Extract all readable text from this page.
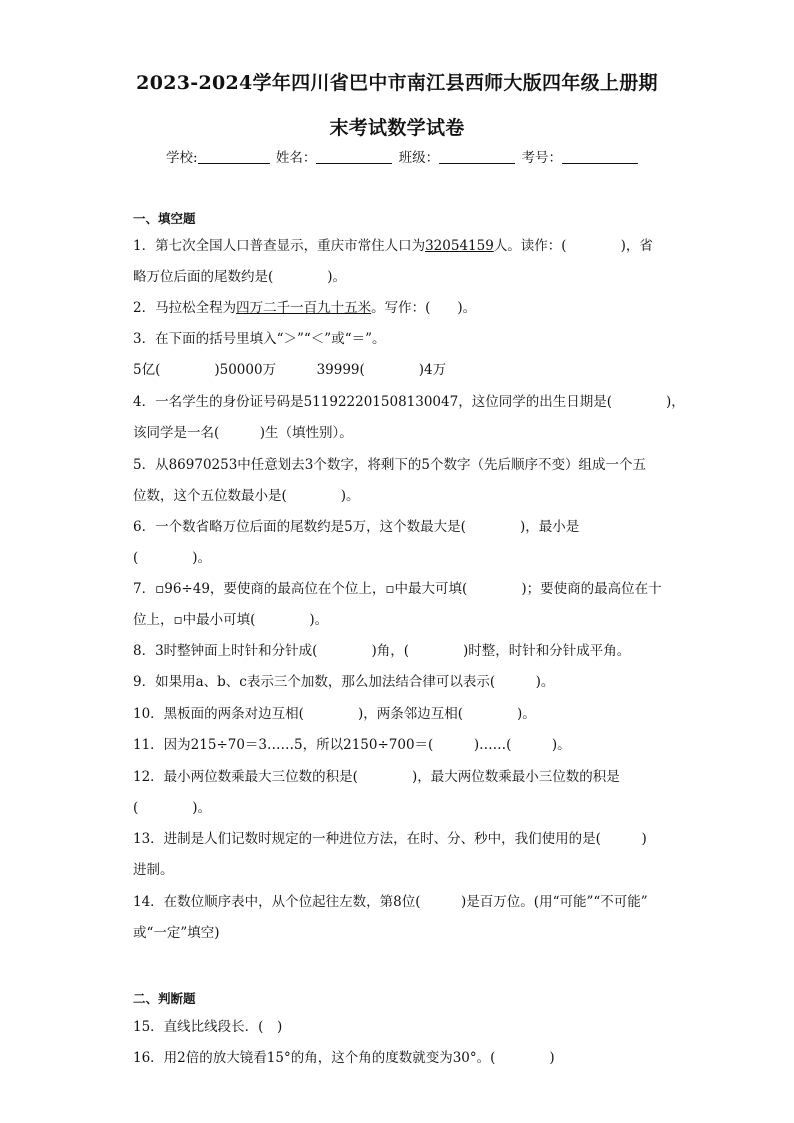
2023-2024学年四川省巴中市南江县西师大版四年级上册期
末考试数学试卷
学校:	姓名：	班级：	考号：
一、填空题
1．第七次全国人口普查显示，重庆市常住人口为32054159人。读作：(　　　　)，省
略万位后面的尾数约是(　　　　)。
2．马拉松全程为四万二千一百九十五米。写作：(　　)。
3．在下面的括号里填入“＞”“＜”或“＝”。
5亿(　　　　)50000万　　　39999(　　　　)4万
4．一名学生的身份证号码是511922201508130047，这位同学的出生日期是(　　　　)，
该同学是一名(　　　)生（填性别）。
5．从86970253中任意划去3个数字，将剩下的5个数字（先后顺序不变）组成一个五
位数，这个五位数最小是(　　　　)。
6．一个数省略万位后面的尾数约是5万，这个数最大是(　　　　)，最小是
(　　　　)。
7．▫96÷49，要使商的最高位在个位上，▫中最大可填(　　　　)；要使商的最高位在十
位上，▫中最小可填(　　　　)。
8．3时整钟面上时针和分针成(　　　　)角，(　　　　)时整，时针和分针成平角。
9．如果用a、b、c表示三个加数，那么加法结合律可以表示(　　　)。
10．黑板面的两条对边互相(　　　　)，两条邻边互相(　　　　)。
11．因为215÷70＝3……5，所以2150÷700＝(　　　)……(　　　)。
12．最小两位数乘最大三位数的积是(　　　　)，最大两位数乘最小三位数的积是
(　　　　)。
13．进制是人们记数时规定的一种进位方法，在时、分、秒中，我们使用的是(　　　)
进制。
14．在数位顺序表中，从个位起往左数，第8位(　　　)是百万位。(用“可能”“不可能”
或“一定”填空)
二、判断题
15．直线比线段长．(　)
16．用2倍的放大镜看15°的角，这个角的度数就变为30°。(　　　　)
